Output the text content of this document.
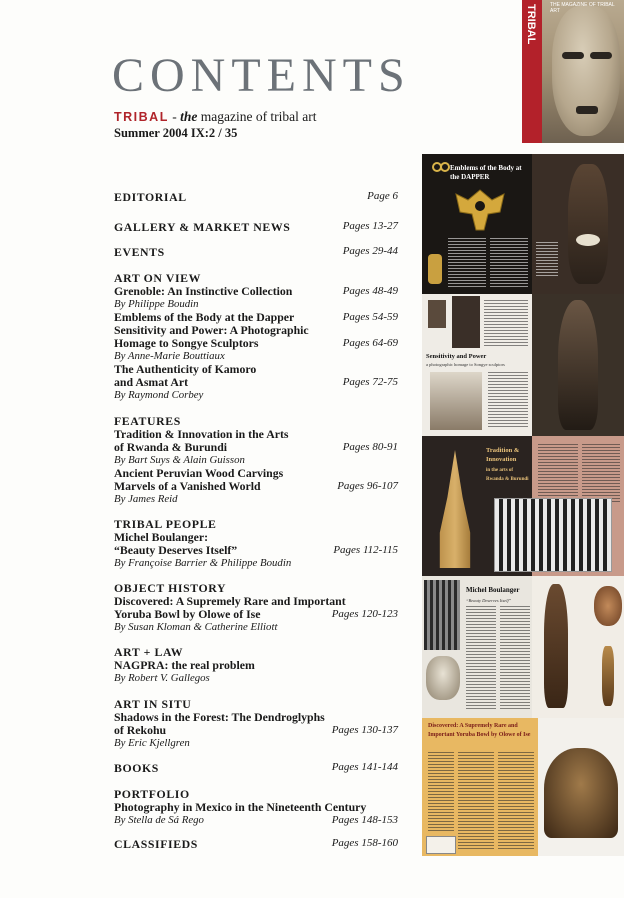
CONTENTS
TRIBAL - the magazine of tribal art
Summer 2004 IX:2 / 35
EDITORIAL	Page 6
GALLERY & MARKET NEWS	Pages 13-27
EVENTS	Pages 29-44
ART ON VIEW
Grenoble: An Instinctive Collection	Pages 48-49
By Philippe Boudin
Emblems of the Body at the Dapper	Pages 54-59
Sensitivity and Power: A Photographic
Homage to Songye Sculptors	Pages 64-69
By Anne-Marie Bouttiaux
The Authenticity of Kamoro
and Asmat Art	Pages 72-75
By Raymond Corbey
FEATURES
Tradition & Innovation in the Arts
of Rwanda & Burundi	Pages 80-91
By Bart Suys & Alain Guisson
Ancient Peruvian Wood Carvings
Marvels of a Vanished World	Pages 96-107
By James Reid
TRIBAL PEOPLE
Michel Boulanger:
“Beauty Deserves Itself”	Pages 112-115
By Françoise Barrier & Philippe Boudin
OBJECT HISTORY
Discovered: A Supremely Rare and Important
Yoruba Bowl by Olowe of Ise	Pages 120-123
By Susan Kloman & Catherine Elliott
ART + LAW
NAGPRA: the real problem
By Robert V. Gallegos
ART IN SITU
Shadows in the Forest: The Dendroglyphs
of Rekohu	Pages 130-137
By Eric Kjellgren
BOOKS	Pages 141-144
PORTFOLIO
Photography in Mexico in the Nineteenth Century
Pages 148-153
By Stella de Sá Rego
CLASSIFIEDS	Pages 158-160
TRIBAL	THE MAGAZINE OF TRIBAL ART
Emblems of the Body at the DAPPER
Sensitivity and Power
a photographic homage to Songye sculptors
Tradition & Innovation
in the arts of Rwanda & Burundi
Michel Boulanger
“Beauty Deserves Itself”
Discovered: A Supremely Rare and Important Yoruba Bowl by Olowe of Ise
